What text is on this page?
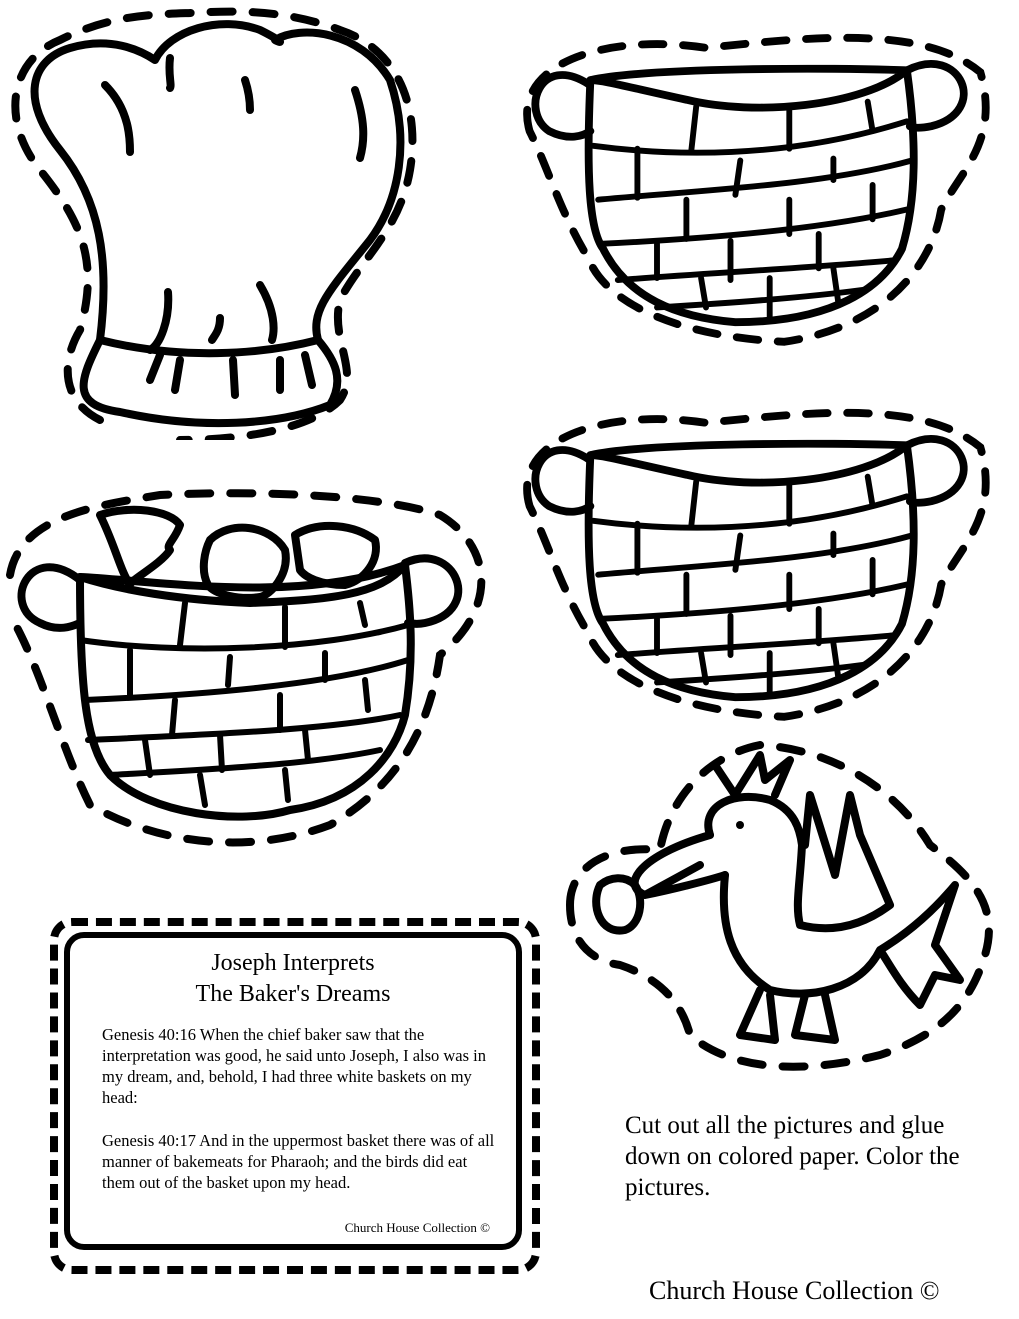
Joseph Interprets
The Baker's Dreams
Genesis 40:16 When the chief baker saw that the interpretation was good, he said unto Joseph, I also was in my dream, and, behold, I had three white baskets on my head:
Genesis 40:17 And in the uppermost basket there was of all manner of bakemeats for Pharaoh; and the birds did eat them out of the basket upon my head.
Church House Collection ©
Cut out all the pictures and glue down on colored paper. Color the pictures.
Church House Collection ©
